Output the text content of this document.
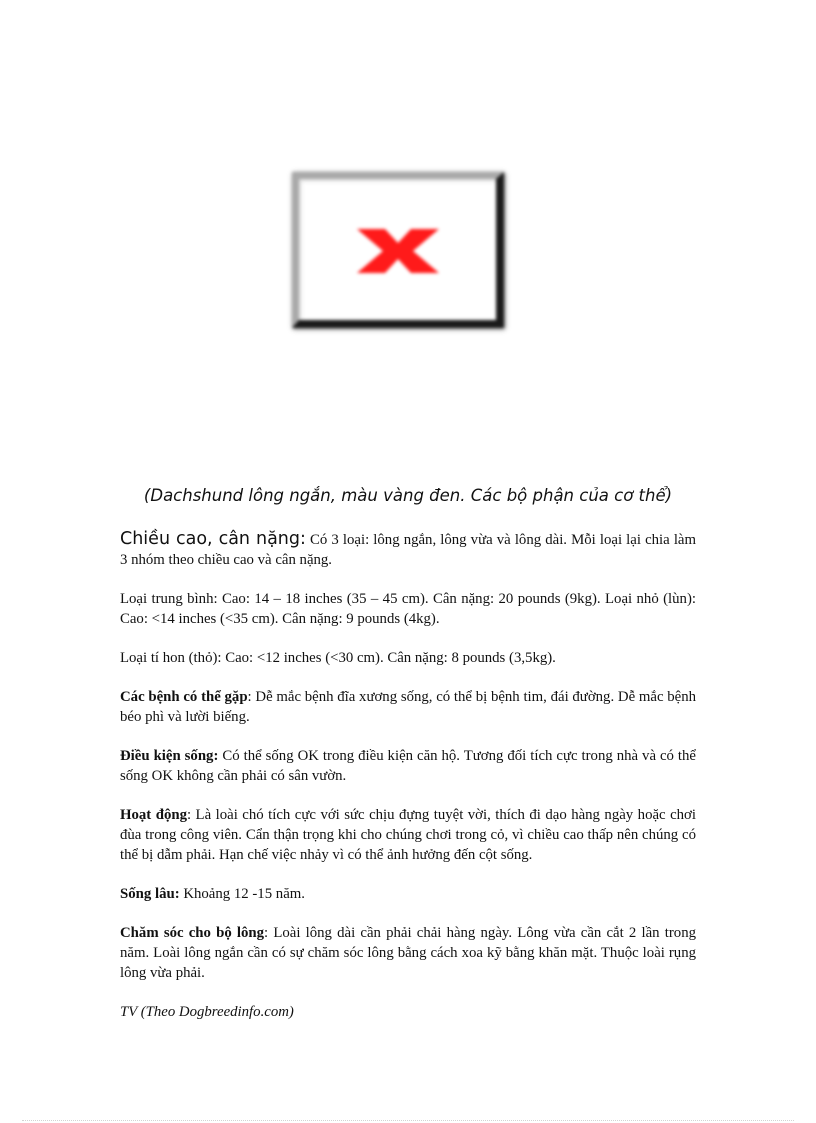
(Dachshund lông ngắn, màu vàng đen. Các bộ phận của cơ thể)

Chiều cao, cân nặng: Có 3 loại: lông ngắn, lông vừa và lông dài. Mỗi loại lại chia làm 3 nhóm theo chiều cao và cân nặng.

Loại trung bình: Cao: 14 – 18 inches (35 – 45 cm). Cân nặng: 20 pounds (9kg). Loại nhỏ (lùn): Cao: <14 inches (<35 cm). Cân nặng: 9 pounds (4kg).

Loại tí hon (thỏ): Cao: <12 inches (<30 cm). Cân nặng: 8 pounds (3,5kg).

Các bệnh có thể gặp: Dễ mắc bệnh đĩa xương sống, có thể bị bệnh tim, đái đường. Dễ mắc bệnh béo phì và lười biếng.

Điều kiện sống: Có thể sống OK trong điều kiện căn hộ. Tương đối tích cực trong nhà và có thể sống OK không cần phải có sân vườn.

Hoạt động: Là loài chó tích cực với sức chịu đựng tuyệt vời, thích đi dạo hàng ngày hoặc chơi đùa trong công viên. Cẩn thận trọng khi cho chúng chơi trong cỏ, vì chiều cao thấp nên chúng có thể bị dẫm phải. Hạn chế việc nhảy vì có thể ảnh hưởng đến cột sống.

Sống lâu: Khoảng 12 -15 năm.

Chăm sóc cho bộ lông: Loài lông dài cần phải chải hàng ngày. Lông vừa cần cắt 2 lần trong năm. Loài lông ngắn cần có sự chăm sóc lông bằng cách xoa kỹ bằng khăn mặt. Thuộc loài rụng lông vừa phải.

TV (Theo Dogbreedinfo.com)
